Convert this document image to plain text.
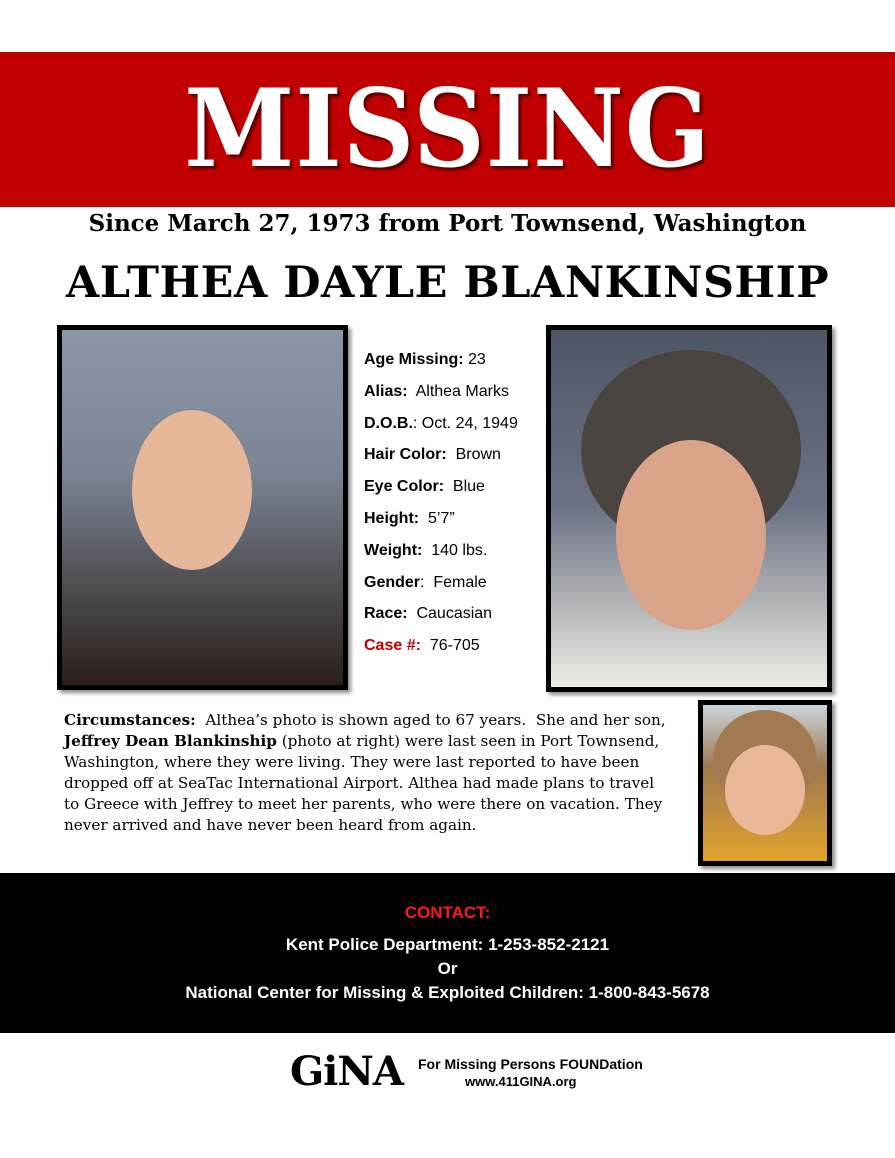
MISSING
Since March 27, 1973 from Port Townsend, Washington
ALTHEA DAYLE BLANKINSHIP
Age Missing: 23
Alias:  Althea Marks
D.O.B.: Oct. 24, 1949
Hair Color:  Brown
Eye Color:  Blue
Height:  5’7”
Weight:  140 lbs.
Gender:  Female
Race:  Caucasian
Case #:  76-705
Circumstances:  Althea’s photo is shown aged to 67 years.  She and her son, Jeffrey Dean Blankinship (photo at right) were last seen in Port Townsend, Washington, where they were living. They were last reported to have been dropped off at SeaTac International Airport. Althea had made plans to travel to Greece with Jeffrey to meet her parents, who were there on vacation. They never arrived and have never been heard from again.
CONTACT:
Kent Police Department: 1-253-852-2121
Or
National Center for Missing & Exploited Children: 1-800-843-5678
GiNA For Missing Persons FOUNDation
www.411GINA.org
